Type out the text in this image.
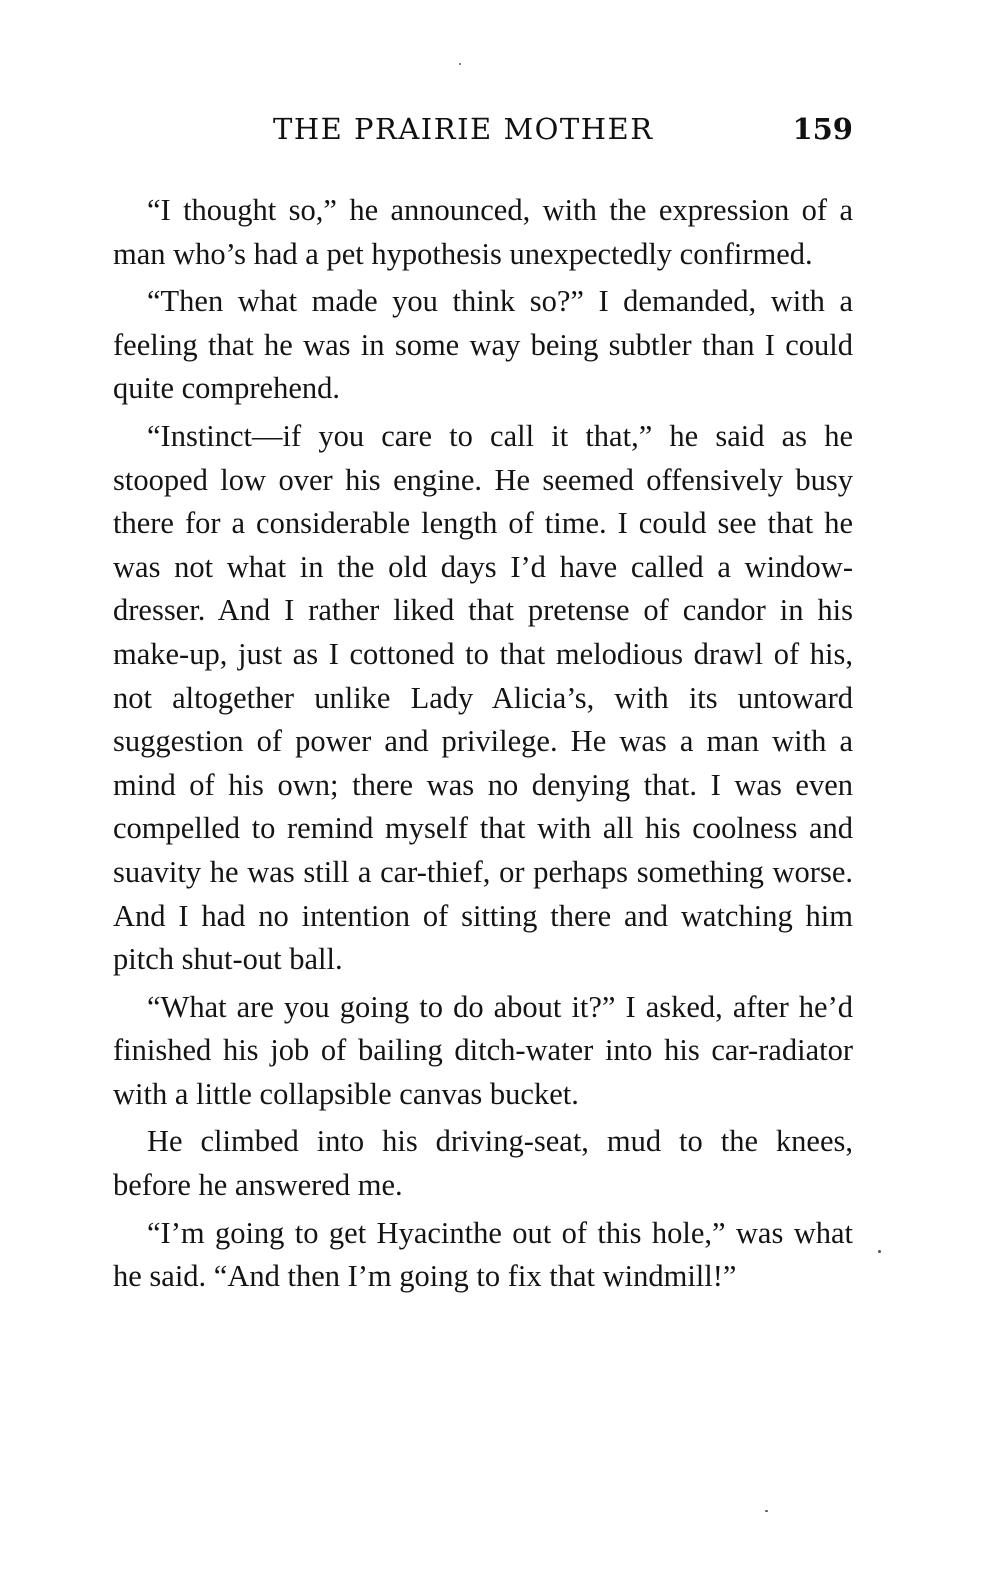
THE PRAIRIE MOTHER	159

“I thought so,” he announced, with the expression of a man who’s had a pet hypothesis unexpectedly confirmed.

“Then what made you think so?” I demanded, with a feeling that he was in some way being subtler than I could quite comprehend.

“Instinct—if you care to call it that,” he said as he stooped low over his engine. He seemed offensively busy there for a considerable length of time. I could see that he was not what in the old days I’d have called a window-dresser. And I rather liked that pretense of candor in his make-up, just as I cottoned to that melodious drawl of his, not altogether unlike Lady Alicia’s, with its untoward suggestion of power and privilege. He was a man with a mind of his own; there was no denying that. I was even compelled to remind myself that with all his coolness and suavity he was still a car-thief, or perhaps something worse. And I had no intention of sitting there and watching him pitch shut-out ball.

“What are you going to do about it?” I asked, after he’d finished his job of bailing ditch-water into his car-radiator with a little collapsible canvas bucket.

He climbed into his driving-seat, mud to the knees, before he answered me.

“I’m going to get Hyacinthe out of this hole,” was what he said. “And then I’m going to fix that windmill!”
